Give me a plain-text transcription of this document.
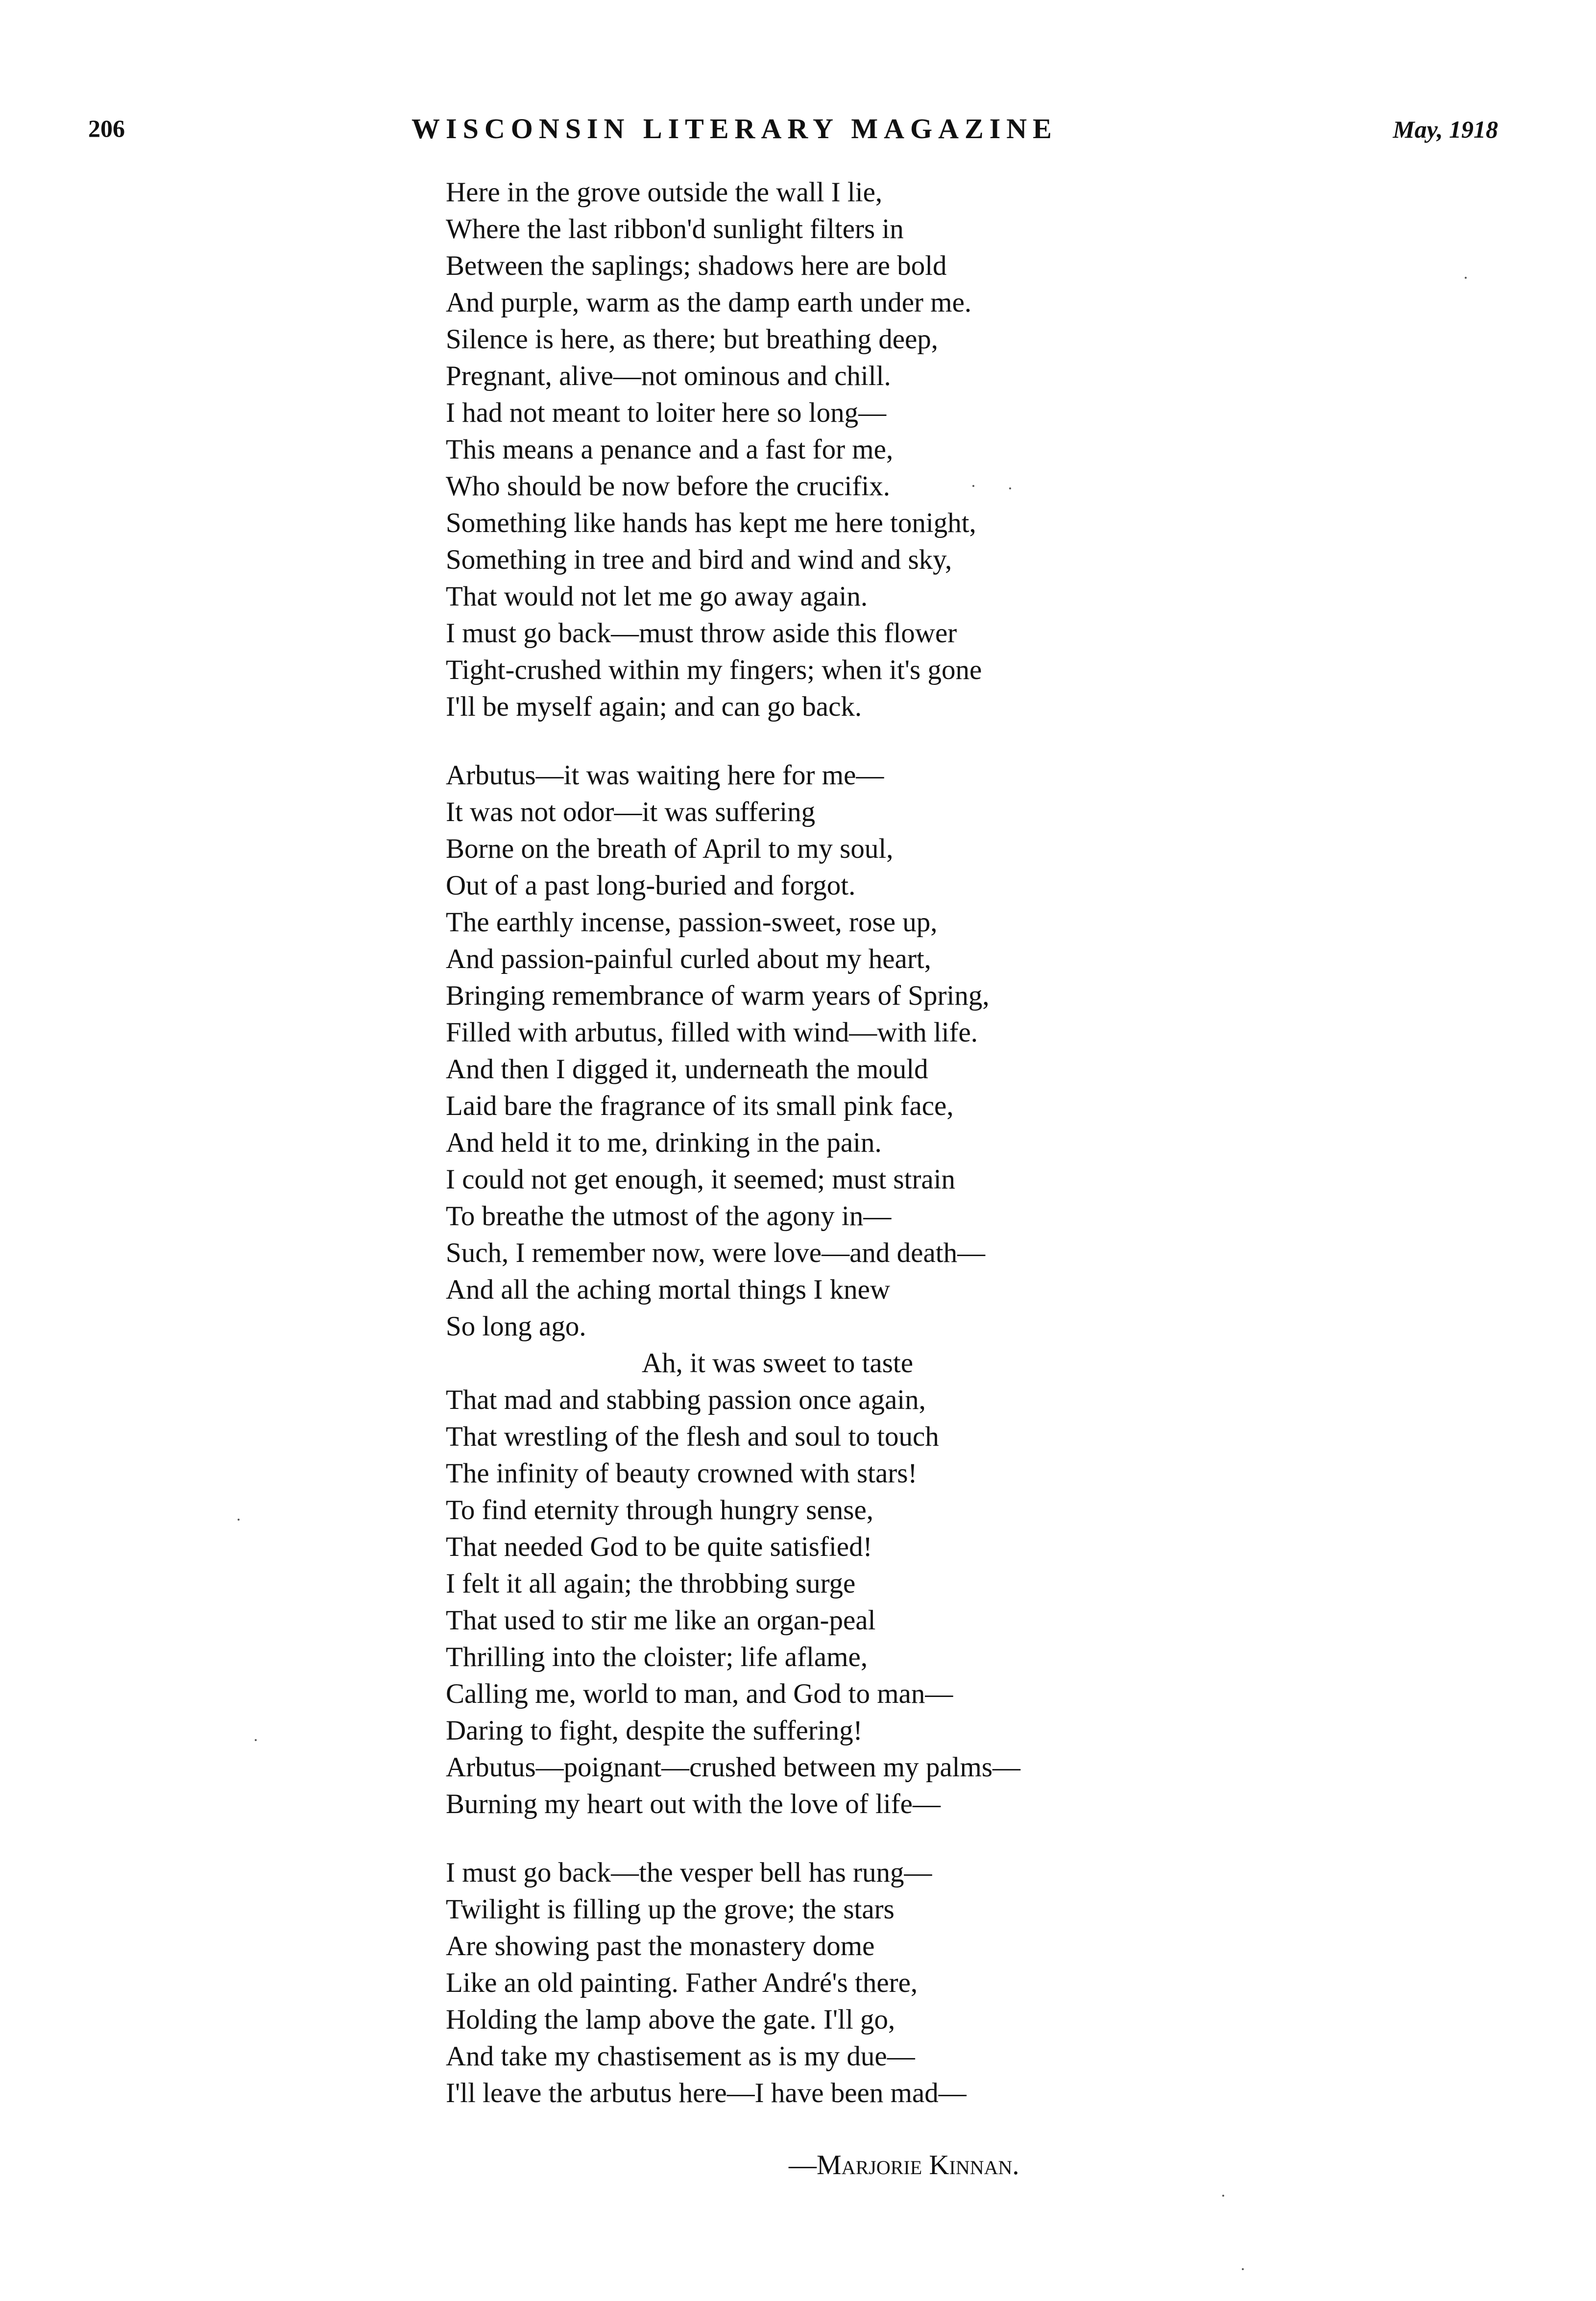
206	WISCONSIN LITERARY MAGAZINE	May, 1918
Here in the grove outside the wall I lie,
Where the last ribbon'd sunlight filters in
Between the saplings; shadows here are bold
And purple, warm as the damp earth under me.
Silence is here, as there; but breathing deep,
Pregnant, alive—not ominous and chill.
I had not meant to loiter here so long—
This means a penance and a fast for me,
Who should be now before the crucifix.
Something like hands has kept me here tonight,
Something in tree and bird and wind and sky,
That would not let me go away again.
I must go back—must throw aside this flower
Tight-crushed within my fingers; when it's gone
I'll be myself again; and can go back.
Arbutus—it was waiting here for me—
It was not odor—it was suffering
Borne on the breath of April to my soul,
Out of a past long-buried and forgot.
The earthly incense, passion-sweet, rose up,
And passion-painful curled about my heart,
Bringing remembrance of warm years of Spring,
Filled with arbutus, filled with wind—with life.
And then I digged it, underneath the mould
Laid bare the fragrance of its small pink face,
And held it to me, drinking in the pain.
I could not get enough, it seemed; must strain
To breathe the utmost of the agony in—
Such, I remember now, were love—and death—
And all the aching mortal things I knew
So long ago.
Ah, it was sweet to taste
That mad and stabbing passion once again,
That wrestling of the flesh and soul to touch
The infinity of beauty crowned with stars!
To find eternity through hungry sense,
That needed God to be quite satisfied!
I felt it all again; the throbbing surge
That used to stir me like an organ-peal
Thrilling into the cloister; life aflame,
Calling me, world to man, and God to man—
Daring to fight, despite the suffering!
Arbutus—poignant—crushed between my palms—
Burning my heart out with the love of life—
I must go back—the vesper bell has rung—
Twilight is filling up the grove; the stars
Are showing past the monastery dome
Like an old painting. Father André's there,
Holding the lamp above the gate. I'll go,
And take my chastisement as is my due—
I'll leave the arbutus here—I have been mad—
—Marjorie Kinnan.
